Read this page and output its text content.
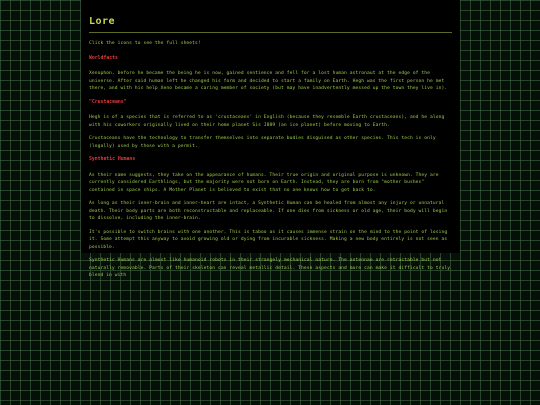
Lore

Click the icons to see the full sheets!

Worldfacts

Xenophon, before he became the being he is now, gained sentience and fell for a lost human astronaut at the edge of the universe. After said human left he changed his form and decided to start a family on Earth. Hegh was the first person he met there, and with his help Xeno became a caring member of society (but may have inadvertently messed up the town they live in).

"Crustaceans"

Hegh is of a species that is referred to as 'crustaceans' in English (because they resemble Earth crustaceans), and he along with his coworkers originally lived on their home planet Sis J889 (an ice planet) before moving to Earth.

Crustaceans have the technology to transfer themselves into separate bodies disguised as other species. This tech is only (legally) used by those with a permit.

Synthetic Humans

As their name suggests, they take on the appearance of humans. Their true origin and original purpose is unknown. They are currently considered Earthlings, but the majority were not born on Earth. Instead, they are born from "mother bushes" contained in space ships. A Mother Planet is believed to exist that no one knows how to get back to.

As long as their inner-brain and inner-heart are intact, a Synthetic Human can be healed from almost any injury or unnatural death. Their body parts are both reconstructable and replaceable. If one dies from sickness or old age, their body will begin to dissolve, including the inner-brain.

It's possible to switch brains with one another. This is taboo as it causes immense strain on the mind to the point of losing it. Some attempt this anyway to avoid growing old or dying from incurable sickness. Making a new body entirely is not seen as possible.

Synthetic Humans are almost like humanoid robots in their strangely mechanical nature. The antennae are retractable but not naturally removable. Parts of their skeleton can reveal metallic detail. These aspects and more can make it difficult to truly blend in with
